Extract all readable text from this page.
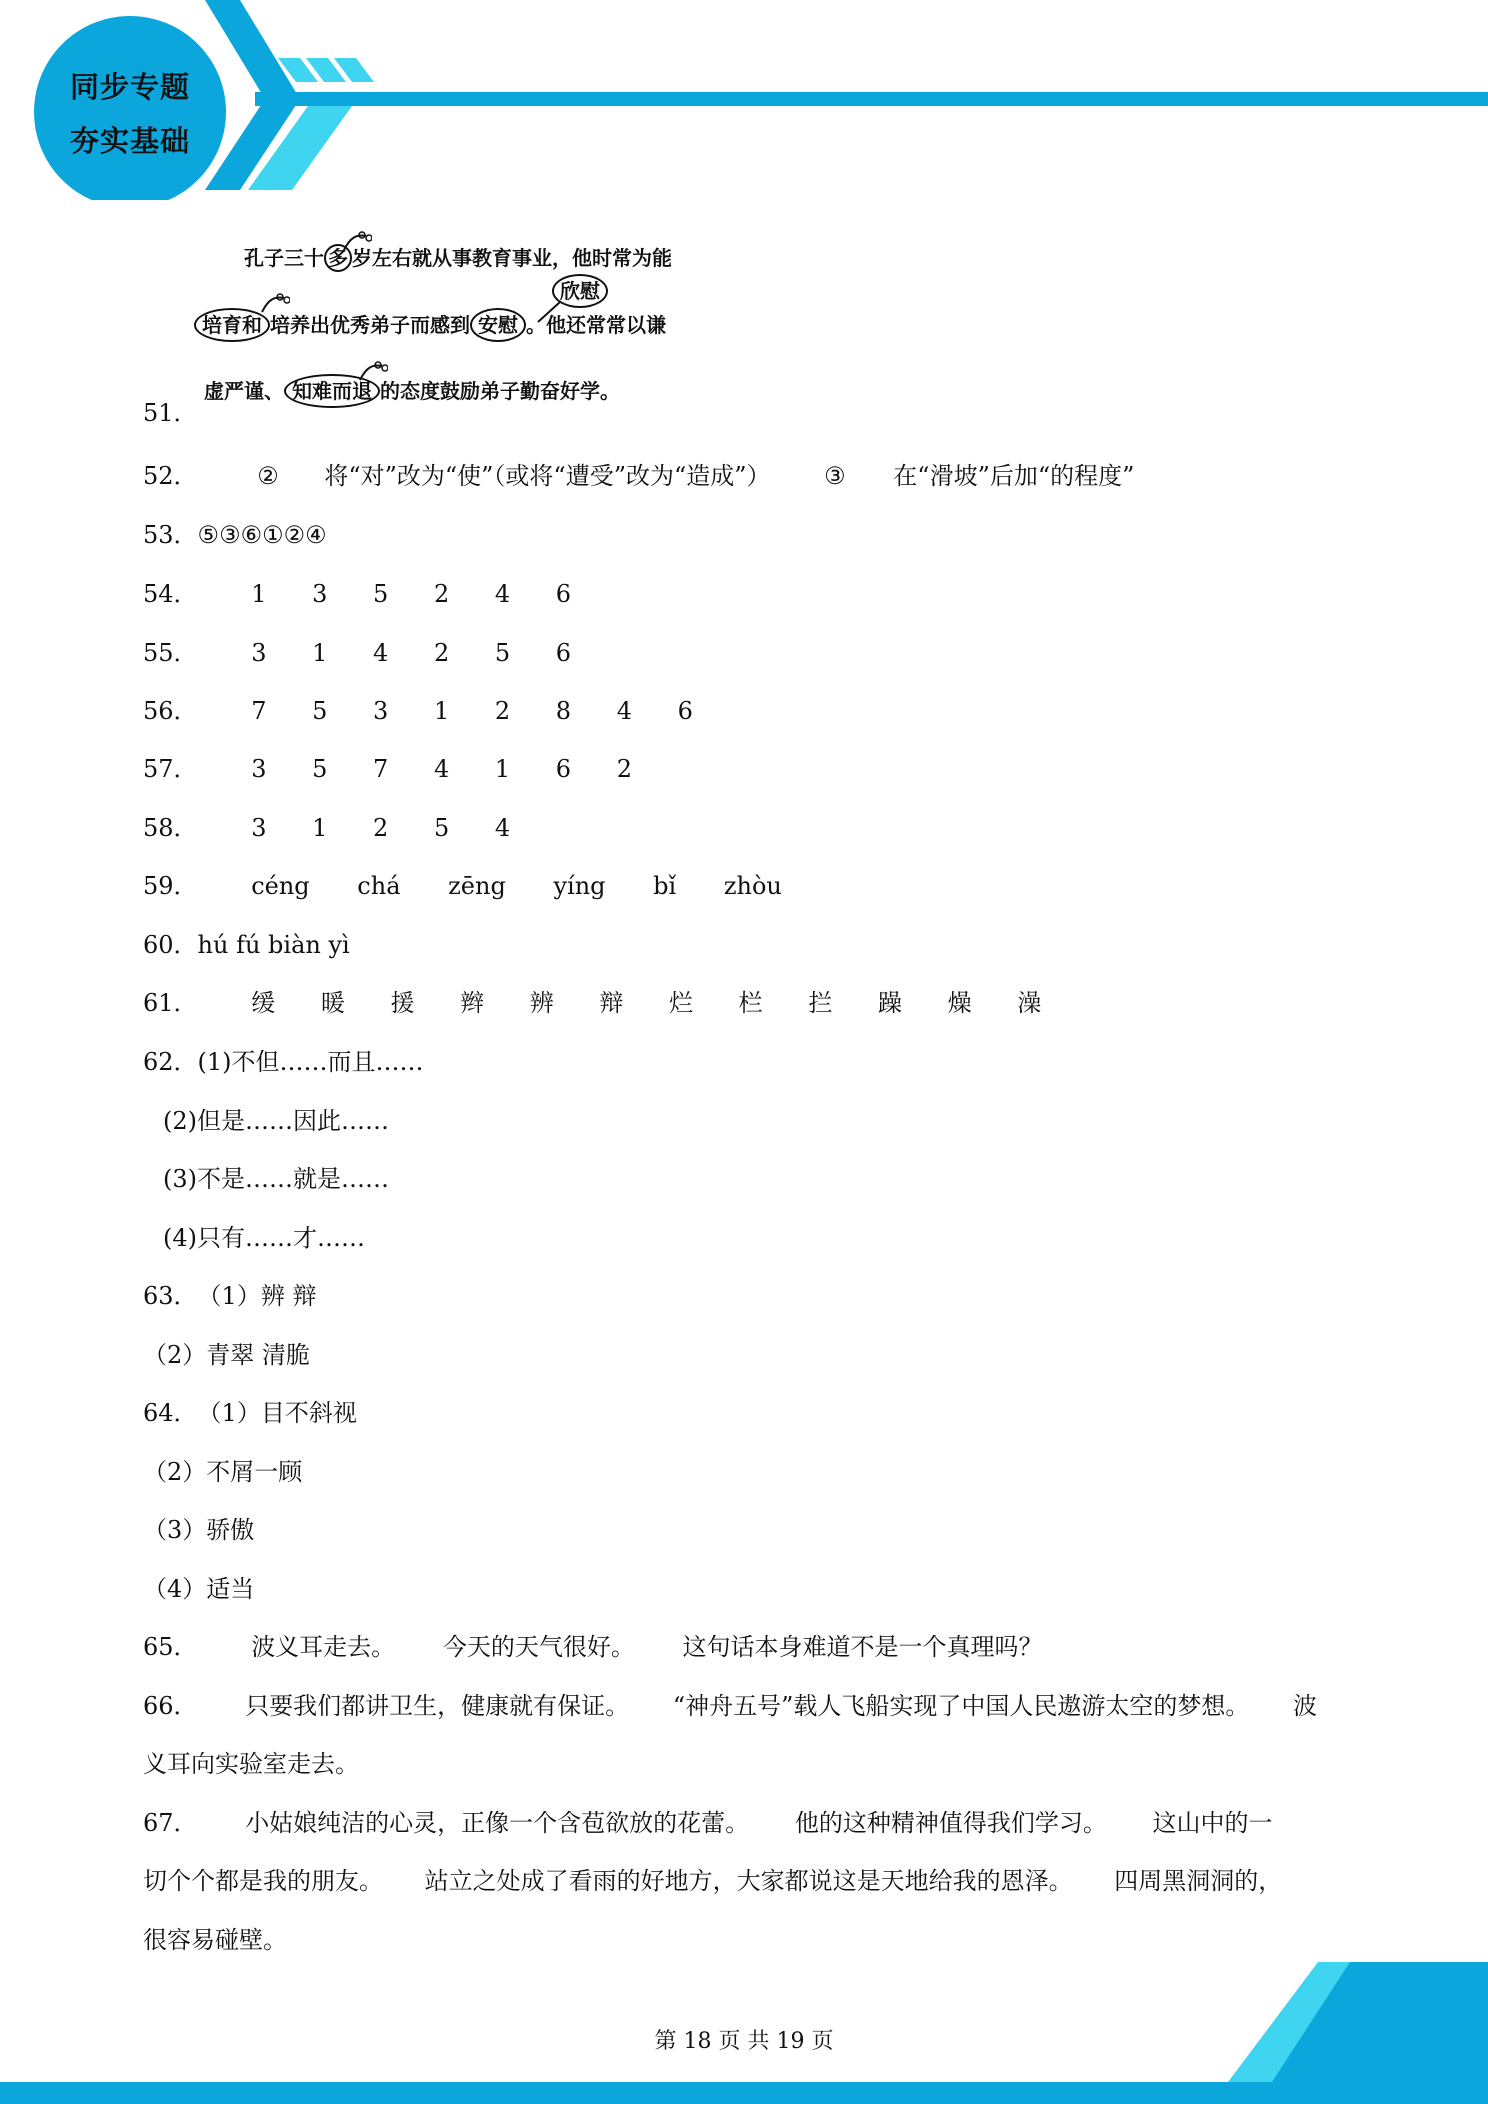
同步专题
夯实基础
孔子三十 多 岁左右就从事教育事业，他时常为能
培育和 培养出优秀弟子而感到 安慰 。他还常常以谦
欣慰
虚严谨、 知难而退 的态度鼓励弟子勤奋好学。
51．
52． ② 将“对”改为“使”（或将“遭受”改为“造成”） ③ 在“滑坡”后加“的程度”
53．⑤③⑥①②④
54． 1 3 5 2 4 6
55． 3 1 4 2 5 6
56． 7 5 3 1 2 8 4 6
57． 3 5 7 4 1 6 2
58． 3 1 2 5 4
59． céng chá zēng yíng bǐ zhòu
60．hú fú biàn yì
61． 缓 暖 援 辫 辨 辩 烂 栏 拦 躁 燥 澡
62．(1)不但……而且……
(2)但是……因此……
(3)不是……就是……
(4)只有……才……
63．（1）辨 辩
（2）青翠 清脆
64．（1）目不斜视
（2）不屑一顾
（3）骄傲
（4）适当
65． 波义耳走去。 今天的天气很好。 这句话本身难道不是一个真理吗？
66． 只要我们都讲卫生，健康就有保证。 “神舟五号”载人飞船实现了中国人民遨游太空的梦想。 波
义耳向实验室走去。
67． 小姑娘纯洁的心灵，正像一个含苞欲放的花蕾。 他的这种精神值得我们学习。 这山中的一
切个个都是我的朋友。 站立之处成了看雨的好地方，大家都说这是天地给我的恩泽。 四周黑洞洞的，
很容易碰壁。
第 18 页 共 19 页
